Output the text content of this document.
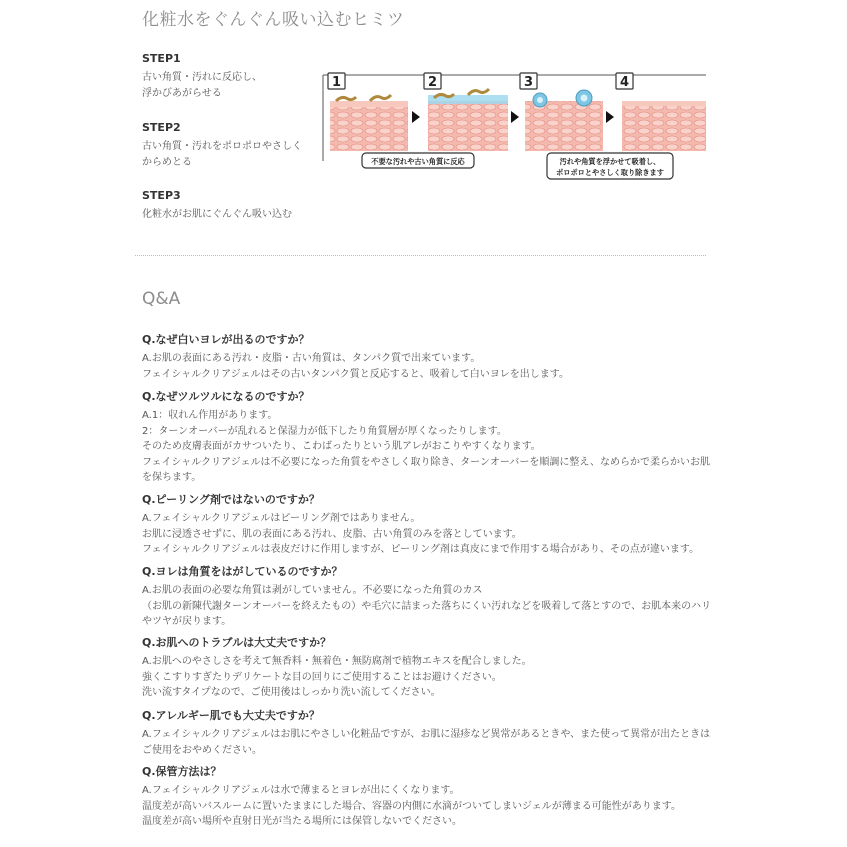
化粧水をぐんぐん吸い込むヒミツ
STEP1
古い角質・汚れに反応し、
浮かびあがらせる
STEP2
古い角質・汚れをポロポロやさしく
からめとる
STEP3
化粧水がお肌にぐんぐん吸い込む
1	2	3	4
不要な汚れや古い角質に反応	汚れや角質を浮かせて吸着し、
ポロポロとやさしく取り除きます
Q&A
Q.なぜ白いヨレが出るのですか？
A.お肌の表面にある汚れ・皮脂・古い角質は、タンパク質で出来ています。
フェイシャルクリアジェルはその古いタンパク質と反応すると、吸着して白いヨレを出します。
Q.なぜツルツルになるのですか？
A.1：収れん作用があります。
2：ターンオーバーが乱れると保湿力が低下したり角質層が厚くなったりします。
そのため皮膚表面がカサついたり、こわばったりという肌アレがおこりやすくなります。
フェイシャルクリアジェルは不必要になった角質をやさしく取り除き、ターンオーバーを順調に整え、なめらかで柔らかいお肌
を保ちます。
Q.ピーリング剤ではないのですか？
A.フェイシャルクリアジェルはピーリング剤ではありません。
お肌に浸透させずに、肌の表面にある汚れ、皮脂、古い角質のみを落としています。
フェイシャルクリアジェルは表皮だけに作用しますが、ピーリング剤は真皮にまで作用する場合があり、その点が違います。
Q.ヨレは角質をはがしているのですか？
A.お肌の表面の必要な角質は剥がしていません。不必要になった角質のカス
（お肌の新陳代謝ターンオーバーを終えたもの）や毛穴に詰まった落ちにくい汚れなどを吸着して落とすので、お肌本来のハリ
やツヤが戻ります。
Q.お肌へのトラブルは大丈夫ですか？
A.お肌へのやさしさを考えて無香料・無着色・無防腐剤で植物エキスを配合しました。
強くこすりすぎたりデリケートな目の回りにご使用することはお避けください。
洗い流すタイプなので、ご使用後はしっかり洗い流してください。
Q.アレルギー肌でも大丈夫ですか？
A.フェイシャルクリアジェルはお肌にやさしい化粧品ですが、お肌に湿疹など異常があるときや、また使って異常が出たときは
ご使用をおやめください。
Q.保管方法は？
A.フェイシャルクリアジェルは水で薄まるとヨレが出にくくなります。
温度差が高いバスルームに置いたままにした場合、容器の内側に水滴がついてしまいジェルが薄まる可能性があります。
温度差が高い場所や直射日光が当たる場所には保管しないでください。
